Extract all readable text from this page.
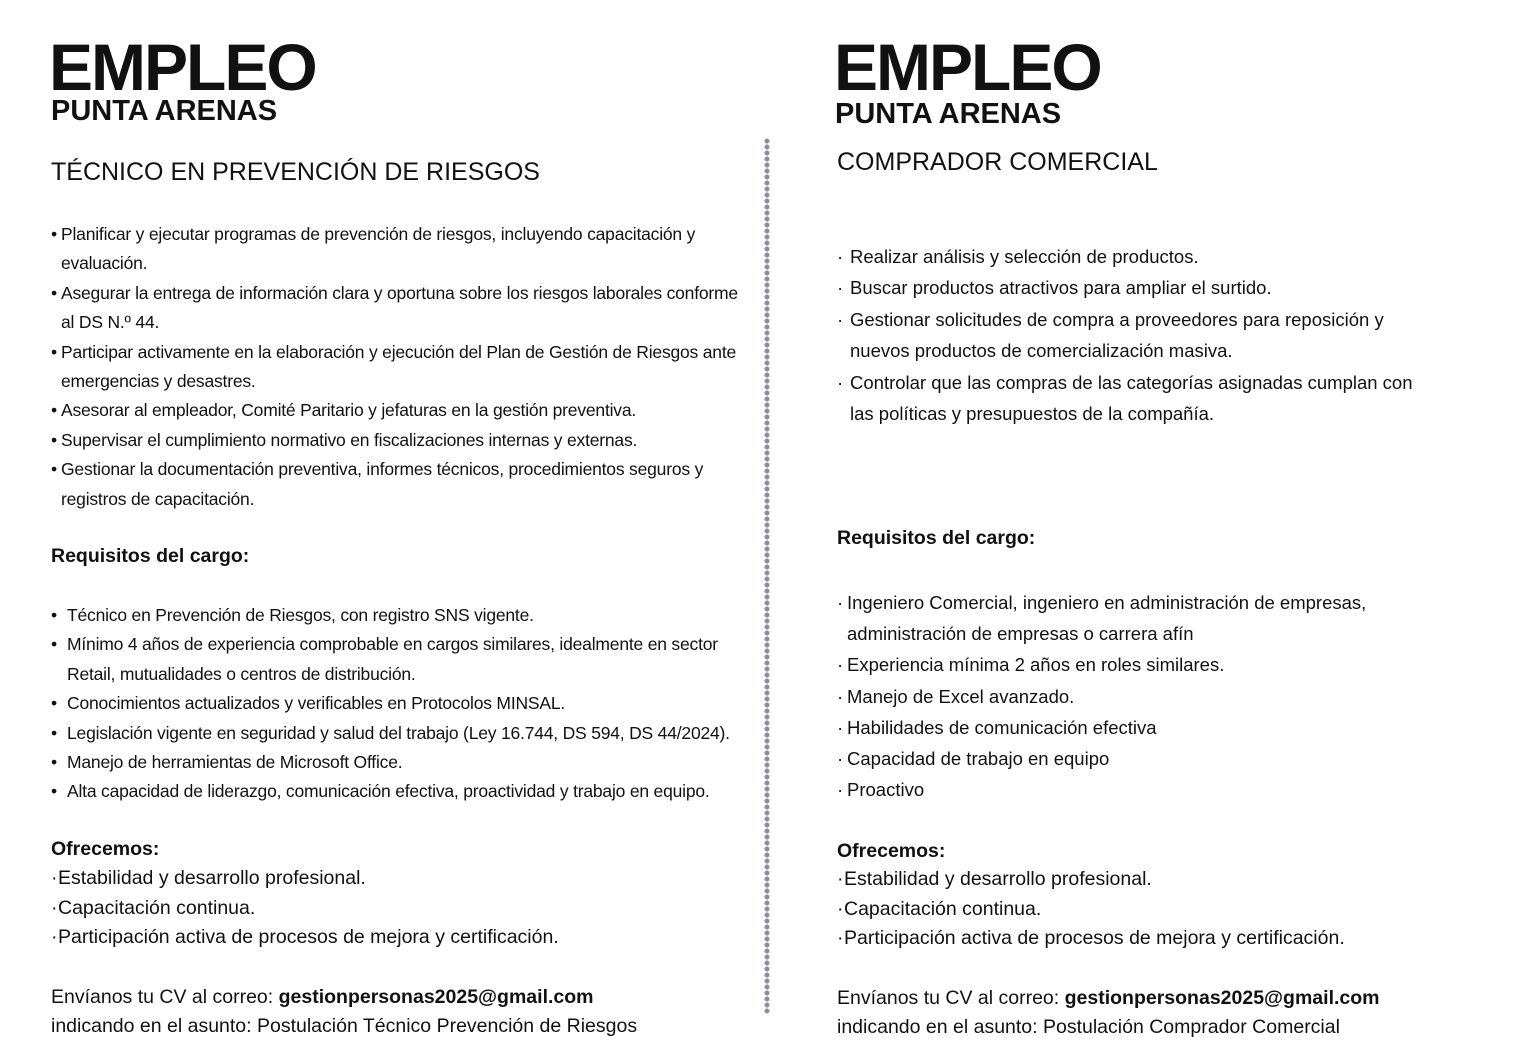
EMPLEO
PUNTA ARENAS
TÉCNICO EN PREVENCIÓN DE RIESGOS
• Planificar y ejecutar programas de prevención de riesgos, incluyendo capacitación y evaluación.
• Asegurar la entrega de información clara y oportuna sobre los riesgos laborales conforme al DS N.º 44.
• Participar activamente en la elaboración y ejecución del Plan de Gestión de Riesgos ante emergencias y desastres.
• Asesorar al empleador, Comité Paritario y jefaturas en la gestión preventiva.
• Supervisar el cumplimiento normativo en fiscalizaciones internas y externas.
• Gestionar la documentación preventiva, informes técnicos, procedimientos seguros y registros de capacitación.
Requisitos del cargo:
• Técnico en Prevención de Riesgos, con registro SNS vigente.
• Mínimo 4 años de experiencia comprobable en cargos similares, idealmente en sector Retail, mutualidades o centros de distribución.
• Conocimientos actualizados y verificables en Protocolos MINSAL.
• Legislación vigente en seguridad y salud del trabajo (Ley 16.744, DS 594, DS 44/2024).
• Manejo de herramientas de Microsoft Office.
• Alta capacidad de liderazgo, comunicación efectiva, proactividad y trabajo en equipo.
Ofrecemos:
· Estabilidad y desarrollo profesional.
· Capacitación continua.
· Participación activa de procesos de mejora y certificación.

Envíanos tu CV al correo: gestionpersonas2025@gmail.com
indicando en el asunto: Postulación Técnico Prevención de Riesgos

EMPLEO
PUNTA ARENAS
COMPRADOR COMERCIAL
· Realizar análisis y selección de productos.
· Buscar productos atractivos para ampliar el surtido.
· Gestionar solicitudes de compra a proveedores para reposición y nuevos productos de comercialización masiva.
· Controlar que las compras de las categorías asignadas cumplan con las políticas y presupuestos de la compañía.
Requisitos del cargo:
· Ingeniero Comercial, ingeniero en administración de empresas, administración de empresas o carrera afín
· Experiencia mínima 2 años en roles similares.
· Manejo de Excel avanzado.
· Habilidades de comunicación efectiva
· Capacidad de trabajo en equipo
· Proactivo
Ofrecemos:
· Estabilidad y desarrollo profesional.
· Capacitación continua.
· Participación activa de procesos de mejora y certificación.

Envíanos tu CV al correo: gestionpersonas2025@gmail.com
indicando en el asunto: Postulación Comprador Comercial
